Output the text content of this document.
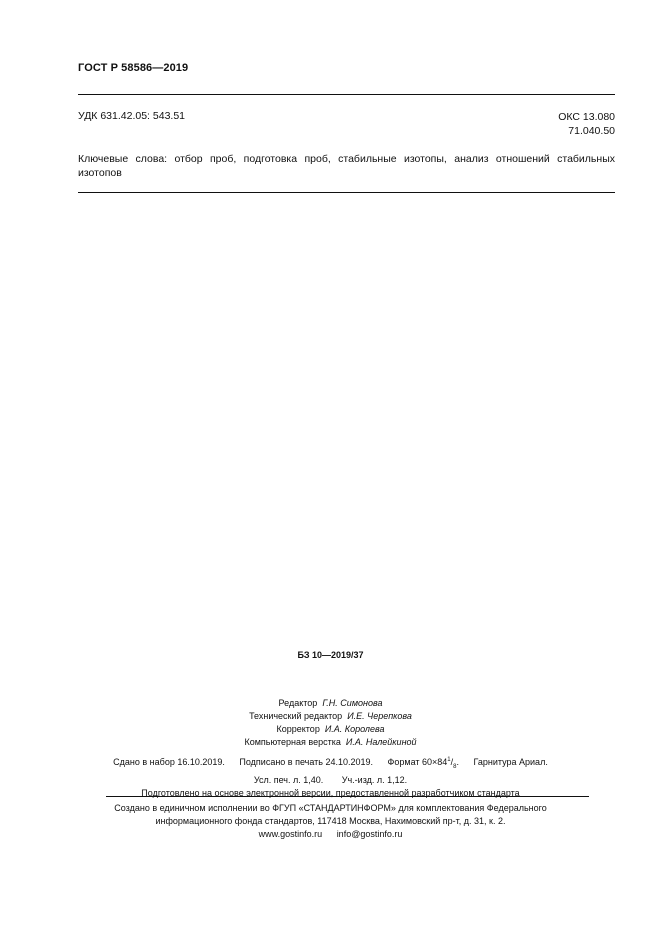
ГОСТ Р 58586—2019
УДК 631.42.05: 543.51	ОКС 13.080
71.040.50
Ключевые слова: отбор проб, подготовка проб, стабильные изотопы, анализ отношений стабильных изотопов
БЗ 10—2019/37
Редактор Г.Н. Симонова
Технический редактор И.Е. Черепкова
Корректор И.А. Королева
Компьютерная верстка И.А. Налейкиной
Сдано в набор 16.10.2019. Подписано в печать 24.10.2019. Формат $60\times 84^1/_8$. Гарнитура Ариал.
Усл. печ. л. 1,40. Уч.-изд. л. 1,12.
Подготовлено на основе электронной версии, предоставленной разработчиком стандарта
Создано в единичном исполнении во ФГУП «СТАНДАРТИНФОРМ» для комплектования Федерального
информационного фонда стандартов, 117418 Москва, Нахимовский пр-т, д. 31, к. 2.
www.gostinfo.ru info@gostinfo.ru
